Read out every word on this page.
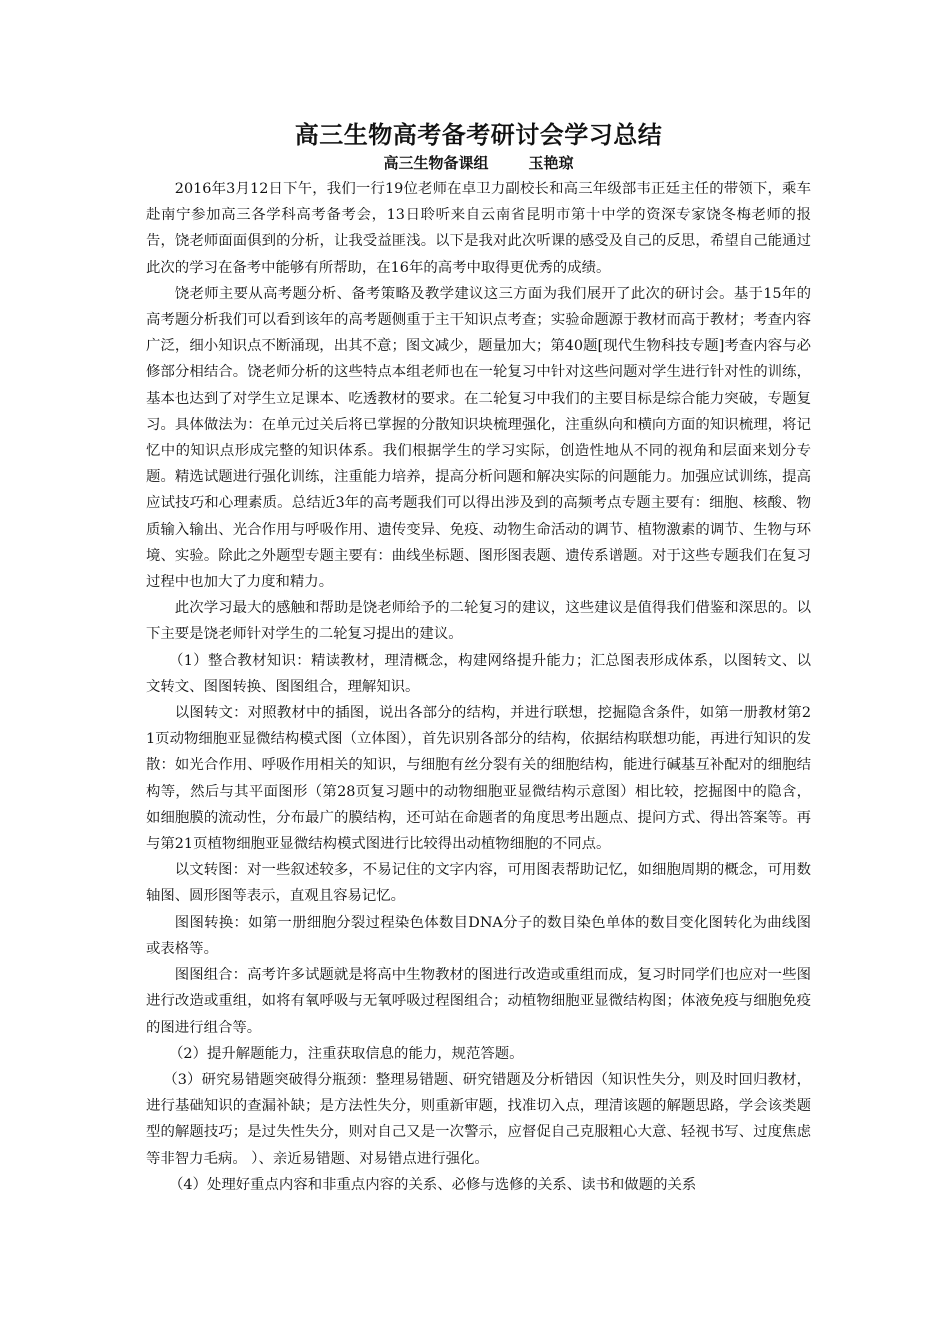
高三生物高考备考研讨会学习总结

高三生物备课组	玉艳琼

2016年3月12日下午，我们一行19位老师在卓卫力副校长和高三年级部韦正廷主任的带领下，乘车赴南宁参加高三各学科高考备考会，13日聆听来自云南省昆明市第十中学的资深专家饶冬梅老师的报告，饶老师面面俱到的分析，让我受益匪浅。以下是我对此次听课的感受及自己的反思，希望自己能通过此次的学习在备考中能够有所帮助，在16年的高考中取得更优秀的成绩。

饶老师主要从高考题分析、备考策略及教学建议这三方面为我们展开了此次的研讨会。基于15年的高考题分析我们可以看到该年的高考题侧重于主干知识点考查；实验命题源于教材而高于教材；考查内容广泛，细小知识点不断涌现，出其不意；图文减少，题量加大；第40题[现代生物科技专题]考查内容与必修部分相结合。饶老师分析的这些特点本组老师也在一轮复习中针对这些问题对学生进行针对性的训练，基本也达到了对学生立足课本、吃透教材的要求。在二轮复习中我们的主要目标是综合能力突破，专题复习。具体做法为：在单元过关后将已掌握的分散知识块梳理强化，注重纵向和横向方面的知识梳理，将记忆中的知识点形成完整的知识体系。我们根据学生的学习实际，创造性地从不同的视角和层面来划分专题。精选试题进行强化训练，注重能力培养，提高分析问题和解决实际的问题能力。加强应试训练，提高应试技巧和心理素质。总结近3年的高考题我们可以得出涉及到的高频考点专题主要有：细胞、核酸、物质输入输出、光合作用与呼吸作用、遗传变异、免疫、动物生命活动的调节、植物激素的调节、生物与环境、实验。除此之外题型专题主要有：曲线坐标题、图形图表题、遗传系谱题。对于这些专题我们在复习过程中也加大了力度和精力。

此次学习最大的感触和帮助是饶老师给予的二轮复习的建议，这些建议是值得我们借鉴和深思的。以下主要是饶老师针对学生的二轮复习提出的建议。

（1）整合教材知识：精读教材，理清概念，构建网络提升能力；汇总图表形成体系，以图转文、以文转文、图图转换、图图组合，理解知识。

以图转文：对照教材中的插图，说出各部分的结构，并进行联想，挖掘隐含条件，如第一册教材第21页动物细胞亚显微结构模式图（立体图），首先识别各部分的结构，依据结构联想功能，再进行知识的发散：如光合作用、呼吸作用相关的知识，与细胞有丝分裂有关的细胞结构，能进行碱基互补配对的细胞结构等，然后与其平面图形（第28页复习题中的动物细胞亚显微结构示意图）相比较，挖掘图中的隐含，如细胞膜的流动性，分布最广的膜结构，还可站在命题者的角度思考出题点、提问方式、得出答案等。再与第21页植物细胞亚显微结构模式图进行比较得出动植物细胞的不同点。

以文转图：对一些叙述较多，不易记住的文字内容，可用图表帮助记忆，如细胞周期的概念，可用数轴图、圆形图等表示，直观且容易记忆。

图图转换：如第一册细胞分裂过程染色体数目DNA分子的数目染色单体的数目变化图转化为曲线图或表格等。

图图组合：高考许多试题就是将高中生物教材的图进行改造或重组而成，复习时同学们也应对一些图进行改造或重组，如将有氧呼吸与无氧呼吸过程图组合；动植物细胞亚显微结构图；体液免疫与细胞免疫的图进行组合等。

（2）提升解题能力，注重获取信息的能力，规范答题。

（3）研究易错题突破得分瓶颈：整理易错题、研究错题及分析错因（知识性失分，则及时回归教材，进行基础知识的查漏补缺；是方法性失分，则重新审题，找准切入点，理清该题的解题思路，学会该类题型的解题技巧；是过失性失分，则对自己又是一次警示，应督促自己克服粗心大意、轻视书写、过度焦虑等非智力毛病。 ）、亲近易错题、对易错点进行强化。

（4）处理好重点内容和非重点内容的关系、必修与选修的关系、读书和做题的关系
